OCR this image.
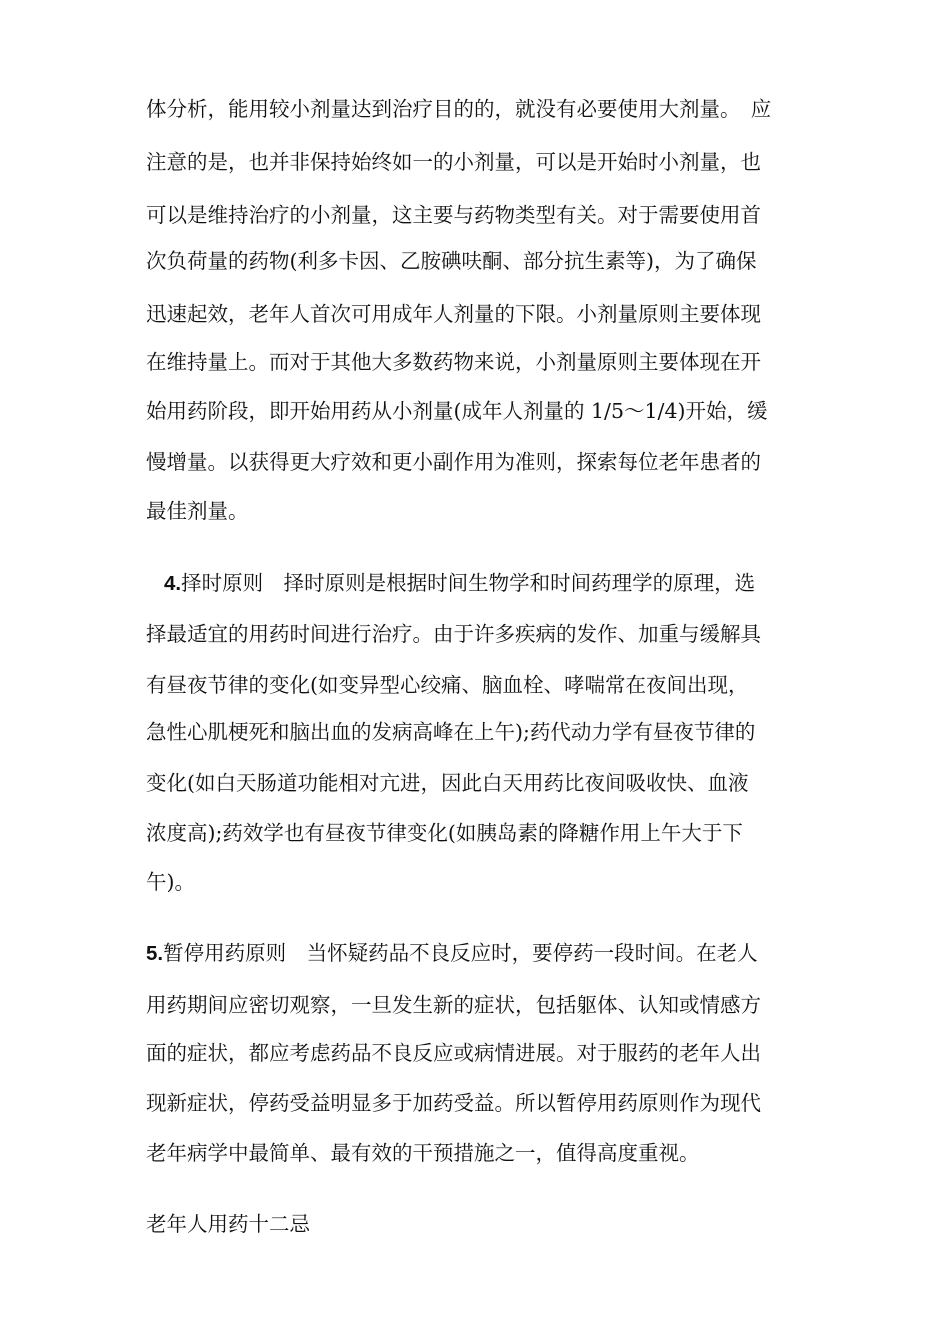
体分析，能用较小剂量达到治疗目的的，就没有必要使用大剂量。　应
注意的是，也并非保持始终如一的小剂量，可以是开始时小剂量，也
可以是维持治疗的小剂量，这主要与药物类型有关。对于需要使用首
次负荷量的药物(利多卡因、乙胺碘呋酮、部分抗生素等)，为了确保
迅速起效，老年人首次可用成年人剂量的下限。小剂量原则主要体现
在维持量上。而对于其他大多数药物来说，小剂量原则主要体现在开
始用药阶段，即开始用药从小剂量(成年人剂量的 1/5～1/4)开始，缓
慢增量。以获得更大疗效和更小副作用为准则，探索每位老年患者的
最佳剂量。
4.择时原则　择时原则是根据时间生物学和时间药理学的原理，选
择最适宜的用药时间进行治疗。由于许多疾病的发作、加重与缓解具
有昼夜节律的变化(如变异型心绞痛、脑血栓、哮喘常在夜间出现，
急性心肌梗死和脑出血的发病高峰在上午);药代动力学有昼夜节律的
变化(如白天肠道功能相对亢进，因此白天用药比夜间吸收快、血液
浓度高);药效学也有昼夜节律变化(如胰岛素的降糖作用上午大于下
午)。
5.暂停用药原则　当怀疑药品不良反应时，要停药一段时间。在老人
用药期间应密切观察，一旦发生新的症状，包括躯体、认知或情感方
面的症状，都应考虑药品不良反应或病情进展。对于服药的老年人出
现新症状，停药受益明显多于加药受益。所以暂停用药原则作为现代
老年病学中最简单、最有效的干预措施之一，值得高度重视。
老年人用药十二忌
